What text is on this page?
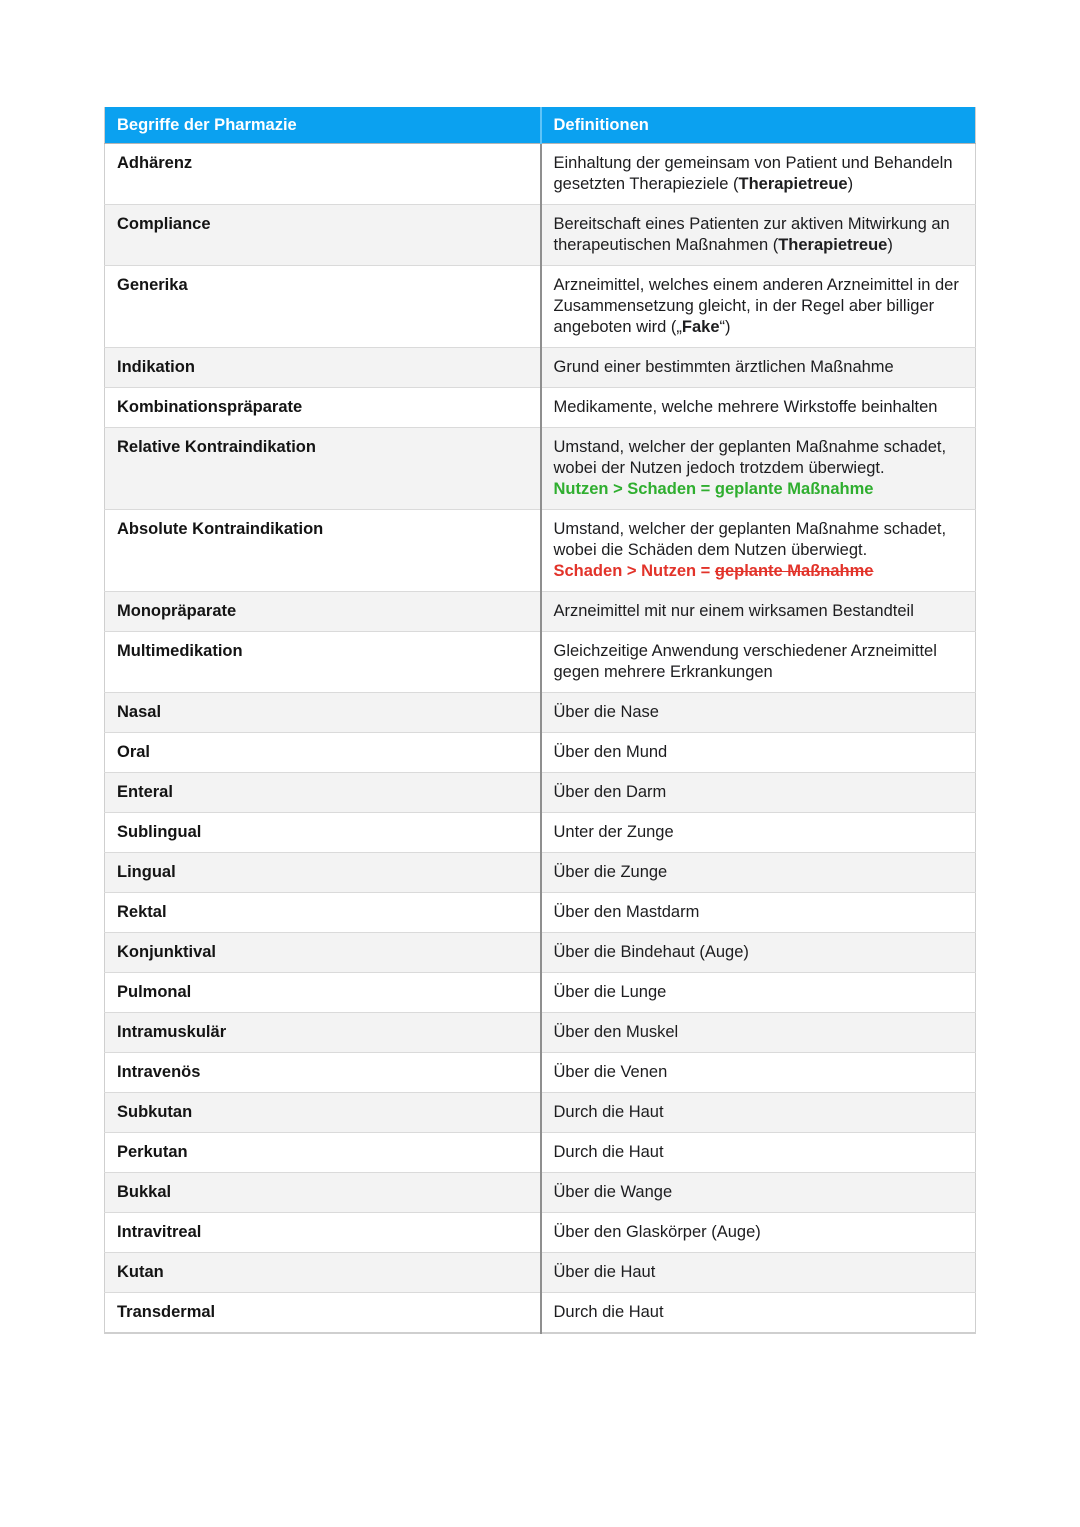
Begriffe der Pharmazie	Definitionen
Adhärenz	Einhaltung der gemeinsam von Patient und Behandeln gesetzten Therapieziele (Therapietreue)
Compliance	Bereitschaft eines Patienten zur aktiven Mitwirkung an therapeutischen Maßnahmen (Therapietreue)
Generika	Arzneimittel, welches einem anderen Arzneimittel in der Zusammensetzung gleicht, in der Regel aber billiger angeboten wird („Fake“)
Indikation	Grund einer bestimmten ärztlichen Maßnahme
Kombinationspräparate	Medikamente, welche mehrere Wirkstoffe beinhalten
Relative Kontraindikation	Umstand, welcher der geplanten Maßnahme schadet, wobei der Nutzen jedoch trotzdem überwiegt.
Nutzen > Schaden = geplante Maßnahme
Absolute Kontraindikation	Umstand, welcher der geplanten Maßnahme schadet, wobei die Schäden dem Nutzen überwiegt.
Schaden > Nutzen = geplante Maßnahme
Monopräparate	Arzneimittel mit nur einem wirksamen Bestandteil
Multimedikation	Gleichzeitige Anwendung verschiedener Arzneimittel gegen mehrere Erkrankungen
Nasal	Über die Nase
Oral	Über den Mund
Enteral	Über den Darm
Sublingual	Unter der Zunge
Lingual	Über die Zunge
Rektal	Über den Mastdarm
Konjunktival	Über die Bindehaut (Auge)
Pulmonal	Über die Lunge
Intramuskulär	Über den Muskel
Intravenös	Über die Venen
Subkutan	Durch die Haut
Perkutan	Durch die Haut
Bukkal	Über die Wange
Intravitreal	Über den Glaskörper (Auge)
Kutan	Über die Haut
Transdermal	Durch die Haut
